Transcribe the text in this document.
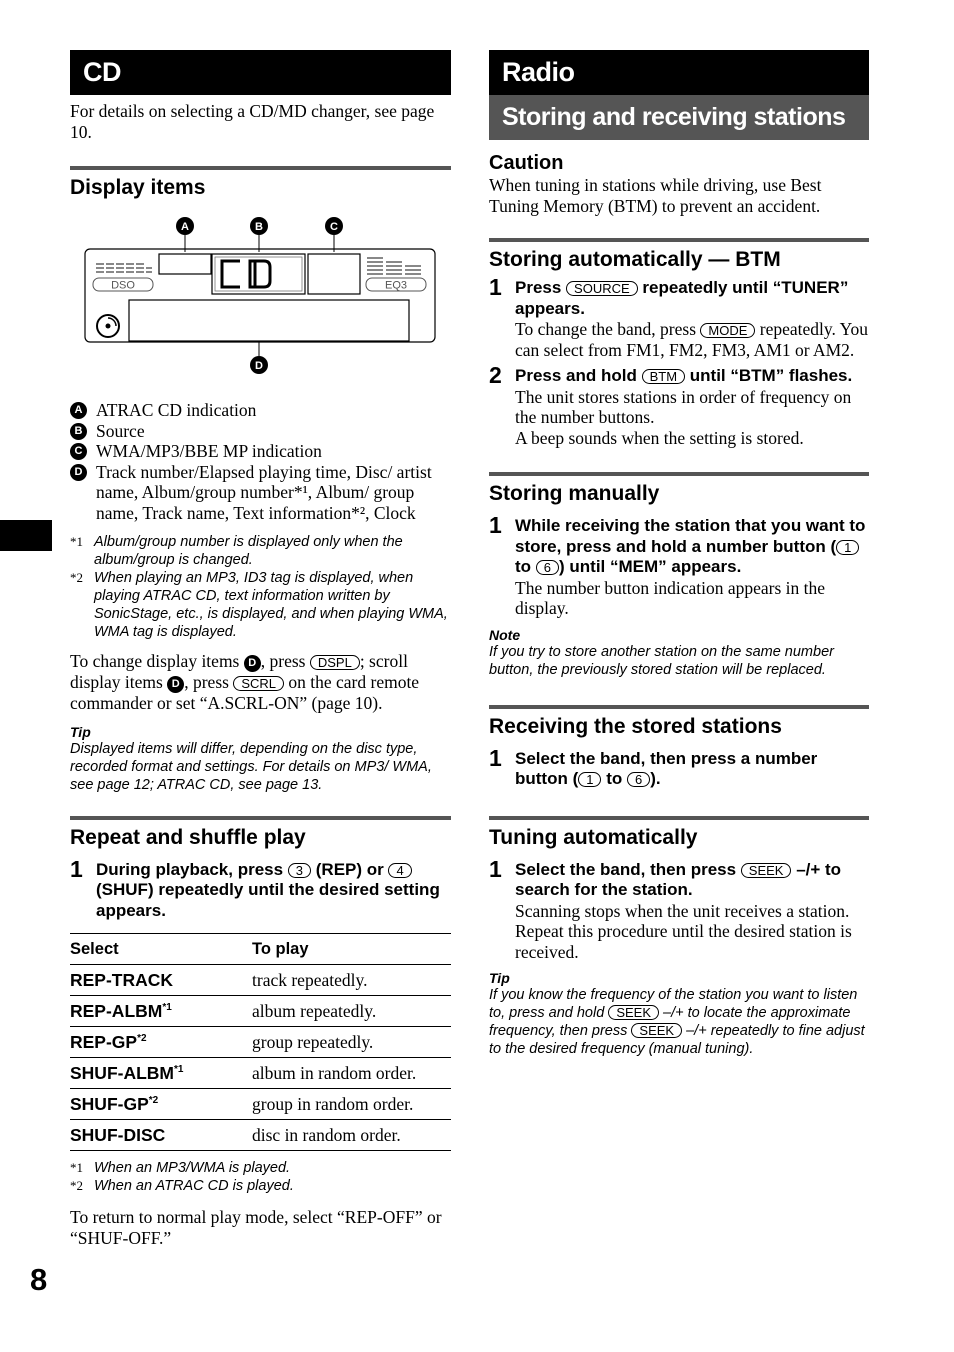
8
CD
For details on selecting a CD/MD changer, see page 10.
Display items
A	B	C
DSO	EQ3
D
A ATRAC CD indication
B Source
C WMA/MP3/BBE MP indication
D Track number/Elapsed playing time, Disc/ artist name, Album/group number*¹, Album/ group name, Track name, Text information*², Clock
*1 Album/group number is displayed only when the album/group is changed.
*2 When playing an MP3, ID3 tag is displayed, when playing ATRAC CD, text information written by SonicStage, etc., is displayed, and when playing WMA, WMA tag is displayed.
To change display items D , press DSPL ; scroll display items D , press SCRL on the card remote commander or set “A.SCRL-ON” (page 10).
Tip
Displayed items will differ, depending on the disc type, recorded format and settings. For details on MP3/ WMA, see page 12; ATRAC CD, see page 13.
Repeat and shuffle play
1 During playback, press 3 (REP) or 4 (SHUF) repeatedly until the desired setting appears.
Select	To play
REP-TRACK	track repeatedly.
REP-ALBM$^{*1}$	album repeatedly.
REP-GP$^{*2}$	group repeatedly.
SHUF-ALBM$^{*1}$	album in random order.
SHUF-GP$^{*2}$	group in random order.
SHUF-DISC	disc in random order.
*1 When an MP3/WMA is played.
*2 When an ATRAC CD is played.
To return to normal play mode, select “REP-OFF” or “SHUF-OFF.”
Radio
Storing and receiving stations
Caution
When tuning in stations while driving, use Best Tuning Memory (BTM) to prevent an accident.
Storing automatically — BTM
1 Press SOURCE repeatedly until “TUNER” appears.
To change the band, press MODE repeatedly. You can select from FM1, FM2, FM3, AM1 or AM2.
2 Press and hold BTM until “BTM” flashes.
The unit stores stations in order of frequency on the number buttons.
A beep sounds when the setting is stored.
Storing manually
1 While receiving the station that you want to store, press and hold a number button ( 1 to 6 ) until “MEM” appears.
The number button indication appears in the display.
Note
If you try to store another station on the same number button, the previously stored station will be replaced.
Receiving the stored stations
1 Select the band, then press a number button ( 1 to 6 ).
Tuning automatically
1 Select the band, then press SEEK –/+ to search for the station.
Scanning stops when the unit receives a station. Repeat this procedure until the desired station is received.
Tip
If you know the frequency of the station you want to listen to, press and hold SEEK –/+ to locate the approximate frequency, then press SEEK –/+ repeatedly to fine adjust to the desired frequency (manual tuning).
